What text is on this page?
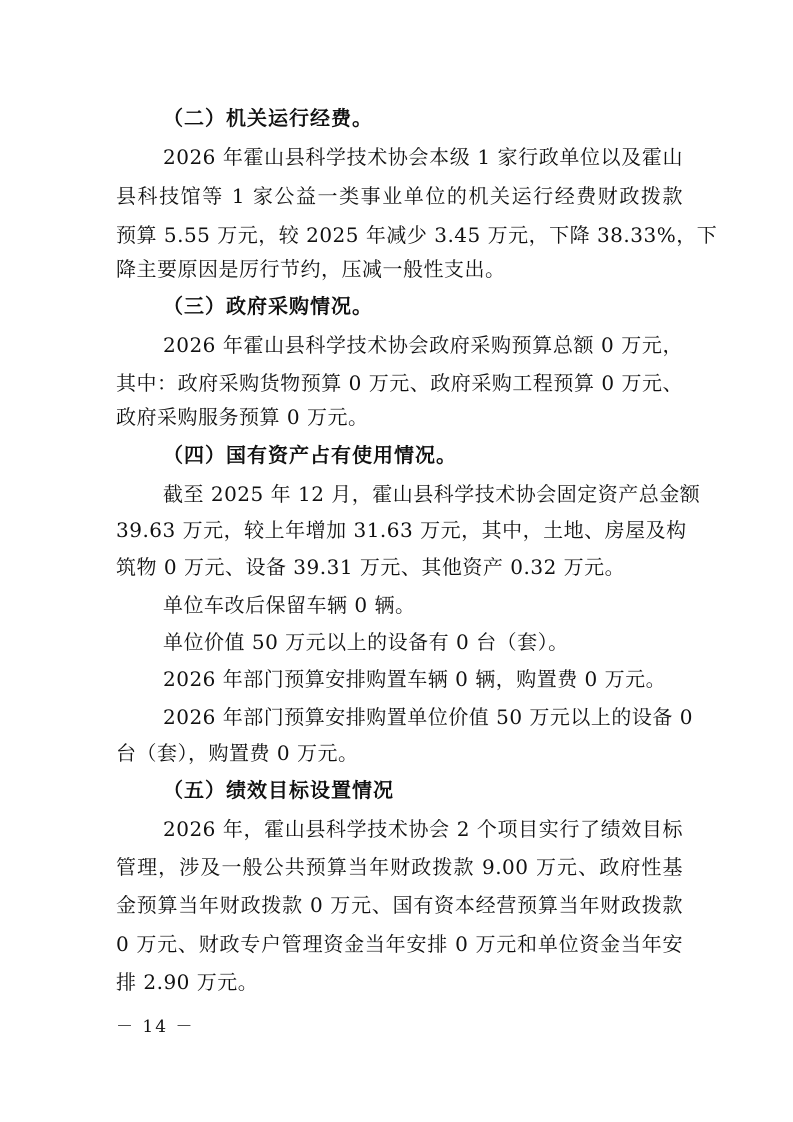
（二）机关运行经费。
2026 年霍山县科学技术协会本级 1 家行政单位以及霍山
县科技馆等 1 家公益一类事业单位的机关运行经费财政拨款
预算 5.55 万元，较 2025 年减少 3.45 万元，下降 38.33%，下
降主要原因是厉行节约，压减一般性支出。
（三）政府采购情况。
2026 年霍山县科学技术协会政府采购预算总额 0 万元，
其中：政府采购货物预算 0 万元、政府采购工程预算 0 万元、
政府采购服务预算 0 万元。
（四）国有资产占有使用情况。
截至 2025 年 12 月，霍山县科学技术协会固定资产总金额
39.63 万元，较上年增加 31.63 万元，其中，土地、房屋及构
筑物 0 万元、设备 39.31 万元、其他资产 0.32 万元。
单位车改后保留车辆 0 辆。
单位价值 50 万元以上的设备有 0 台（套）。
2026 年部门预算安排购置车辆 0 辆，购置费 0 万元。
2026 年部门预算安排购置单位价值 50 万元以上的设备 0
台（套），购置费 0 万元。
（五）绩效目标设置情况
2026 年，霍山县科学技术协会 2 个项目实行了绩效目标
管理，涉及一般公共预算当年财政拨款 9.00 万元、政府性基
金预算当年财政拨款 0 万元、国有资本经营预算当年财政拨款
0 万元、财政专户管理资金当年安排 0 万元和单位资金当年安
排 2.90 万元。
－ 14 －
